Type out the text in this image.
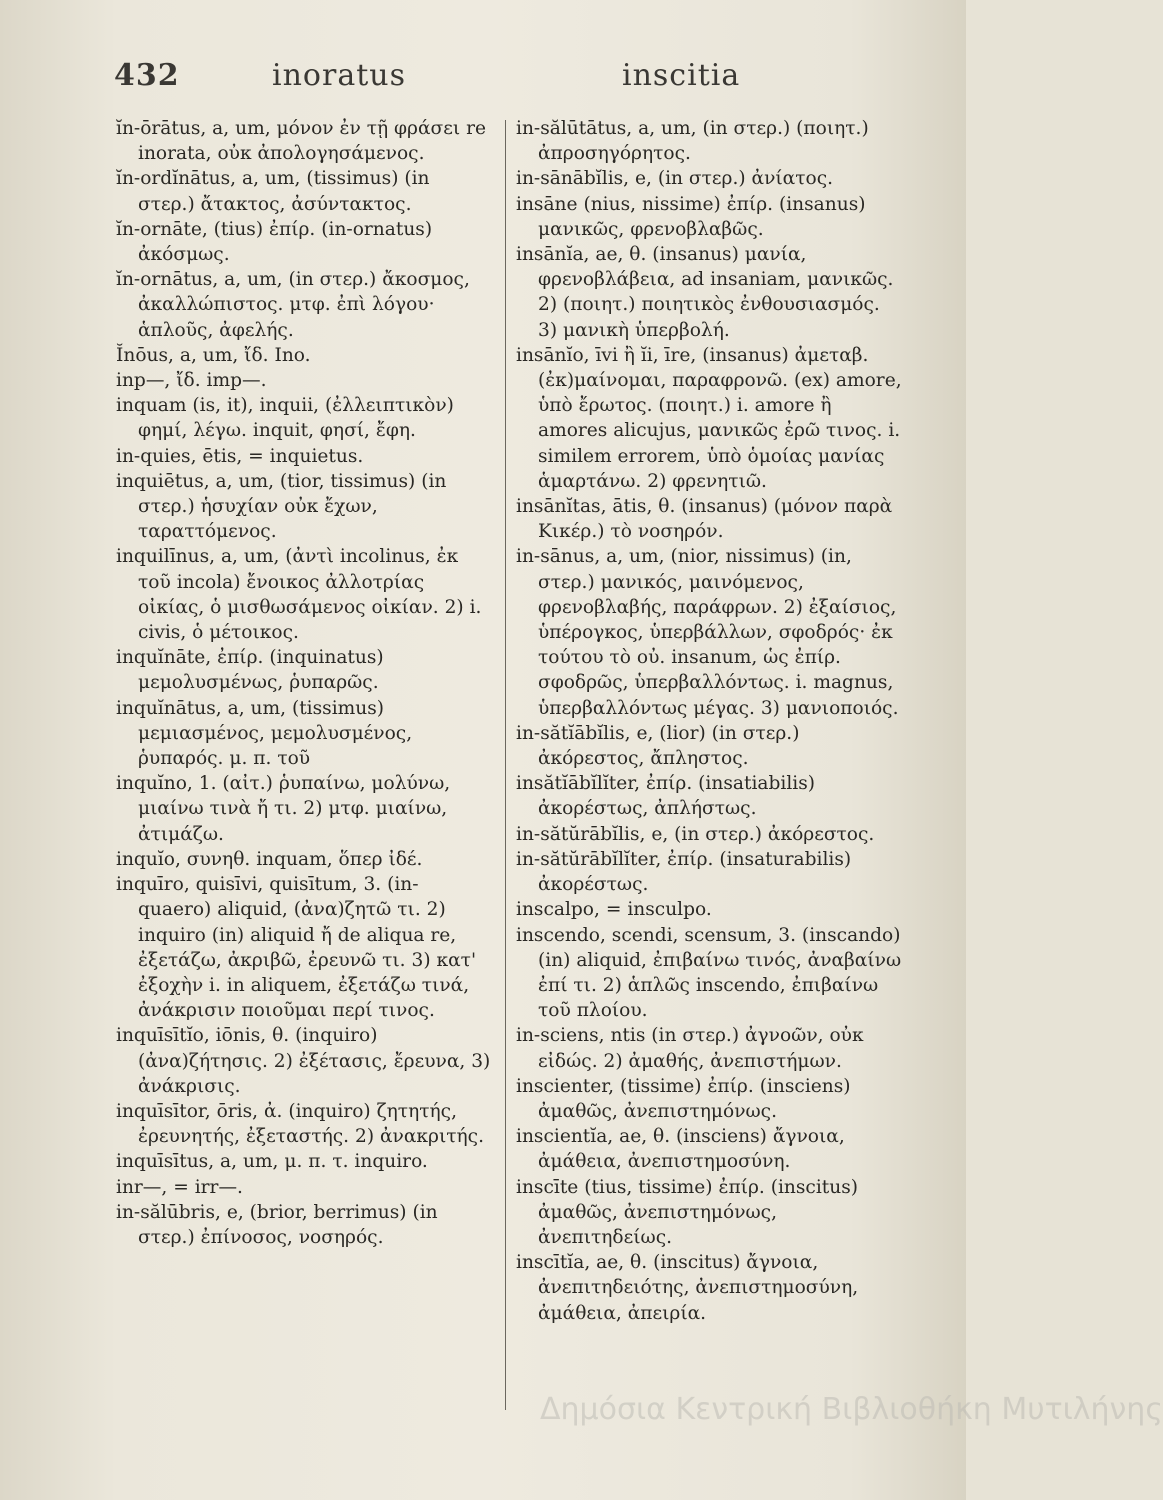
432	inoratus	inscitia

ĭn-ōrātus, a, um, μόνον ἐν τῇ φράσει re inorata, οὐκ ἀπολογησάμενος.

ĭn-ordĭnātus, a, um, (tissimus) (in στερ.) ἄτακτος, ἀσύντακτος.

ĭn-ornāte, (tius) ἐπίρ. (in-ornatus) ἀκόσμως.

ĭn-ornātus, a, um, (in στερ.) ἄκοσμος, ἀκαλλώπιστος. μτφ. ἐπὶ λόγου· ἁπλοῦς, ἀφελής.

Ĭnōus, a, um, ἴδ. Ino.

inp—, ἴδ. imp—.

inquam (is, it), inquii, (ἐλλειπτικὸν) φημί, λέγω. inquit, φησί, ἔφη.

in-quies, ētis, = inquietus.

inquiētus, a, um, (tior, tissimus) (in στερ.) ἡσυχίαν οὐκ ἔχων, ταραττόμενος.

inquilīnus, a, um, (ἀντὶ incolinus, ἐκ τοῦ incola) ἔνοικος ἀλλοτρίας οἰκίας, ὁ μισθωσάμενος οἰκίαν. 2) i. civis, ὁ μέτοικος.

inquĭnāte, ἐπίρ. (inquinatus) μεμολυσμένως, ῥυπαρῶς.

inquĭnātus, a, um, (tissimus) μεμιασμένος, μεμολυσμένος, ῥυπαρός. μ. π. τοῦ

inquĭno, 1. (αἰτ.) ῥυπαίνω, μολύνω, μιαίνω τινὰ ἤ τι. 2) μτφ. μιαίνω, ἀτιμάζω.

inquĭo, συνηθ. inquam, ὅπερ ἰδέ.

inquīro, quisīvi, quisītum, 3. (in-quaero) aliquid, (ἀνα)ζητῶ τι. 2) inquiro (in) aliquid ἤ de aliqua re, ἐξετάζω, ἀκριβῶ, ἐρευνῶ τι. 3) κατ' ἐξοχὴν i. in aliquem, ἐξετάζω τινά, ἀνάκρισιν ποιοῦμαι περί τινος.

inquīsītĭo, iōnis, θ. (inquiro) (ἀνα)ζήτησις. 2) ἐξέτασις, ἔρευνα, 3) ἀνάκρισις.

inquīsītor, ōris, ἀ. (inquiro) ζητητής, ἐρευνητής, ἐξεταστής. 2) ἀνακριτής.

inquīsītus, a, um, μ. π. τ. inquiro.

inr—, = irr—.

in-sălūbris, e, (brior, berrimus) (in στερ.) ἐπίνοσος, νοσηρός.

in-sălūtātus, a, um, (in στερ.) (ποιητ.) ἀπροσηγόρητος.

in-sānābĭlis, e, (in στερ.) ἀνίατος.

insāne (nius, nissime) ἐπίρ. (insanus) μανικῶς, φρενοβλαβῶς.

insānĭa, ae, θ. (insanus) μανία, φρενοβλάβεια, ad insaniam, μανικῶς. 2) (ποιητ.) ποιητικὸς ἐνθουσιασμός. 3) μανικὴ ὑπερβολή.

insānĭo, īvi ἢ ĭi, īre, (insanus) ἀμεταβ. (ἐκ)μαίνομαι, παραφρονῶ. (ex) amore, ὑπὸ ἔρωτος. (ποιητ.) i. amore ἢ amores alicujus, μανικῶς ἐρῶ τινος. i. similem errorem, ὑπὸ ὁμοίας μανίας ἁμαρτάνω. 2) φρενητιῶ.

insānĭtas, ātis, θ. (insanus) (μόνον παρὰ Κικέρ.) τὸ νοσηρόν.

in-sānus, a, um, (nior, nissimus) (in, στερ.) μανικός, μαινόμενος, φρενοβλαβής, παράφρων. 2) ἐξαίσιος, ὑπέρογκος, ὑπερβάλλων, σφοδρός· ἐκ τούτου τὸ οὐ. insanum, ὡς ἐπίρ. σφοδρῶς, ὑπερβαλλόντως. i. magnus, ὑπερβαλλόντως μέγας. 3) μανιοποιός.

in-sătĭābĭlis, e, (lior) (in στερ.) ἀκόρεστος, ἄπληστος.

insătĭābĭlĭter, ἐπίρ. (insatiabilis) ἀκορέστως, ἀπλήστως.

in-sătŭrābĭlis, e, (in στερ.) ἀκόρεστος.

in-sătŭrābĭlĭter, ἐπίρ. (insaturabilis) ἀκορέστως.

inscalpo, = insculpo.

inscendo, scendi, scensum, 3. (inscando) (in) aliquid, ἐπιβαίνω τινός, ἀναβαίνω ἐπί τι. 2) ἁπλῶς inscendo, ἐπιβαίνω τοῦ πλοίου.

in-sciens, ntis (in στερ.) ἀγνοῶν, οὐκ εἰδώς. 2) ἀμαθής, ἀνεπιστήμων.

inscienter, (tissime) ἐπίρ. (insciens) ἀμαθῶς, ἀνεπιστημόνως.

inscientĭa, ae, θ. (insciens) ἄγνοια, ἀμάθεια, ἀνεπιστημοσύνη.

inscīte (tius, tissime) ἐπίρ. (inscitus) ἀμαθῶς, ἀνεπιστημόνως, ἀνεπιτηδείως.

inscītĭa, ae, θ. (inscitus) ἄγνοια, ἀνεπιτηδειότης, ἀνεπιστημοσύνη, ἀμάθεια, ἀπειρία.

Δημόσια Κεντρική Βιβλιοθήκη Μυτιλήνης
